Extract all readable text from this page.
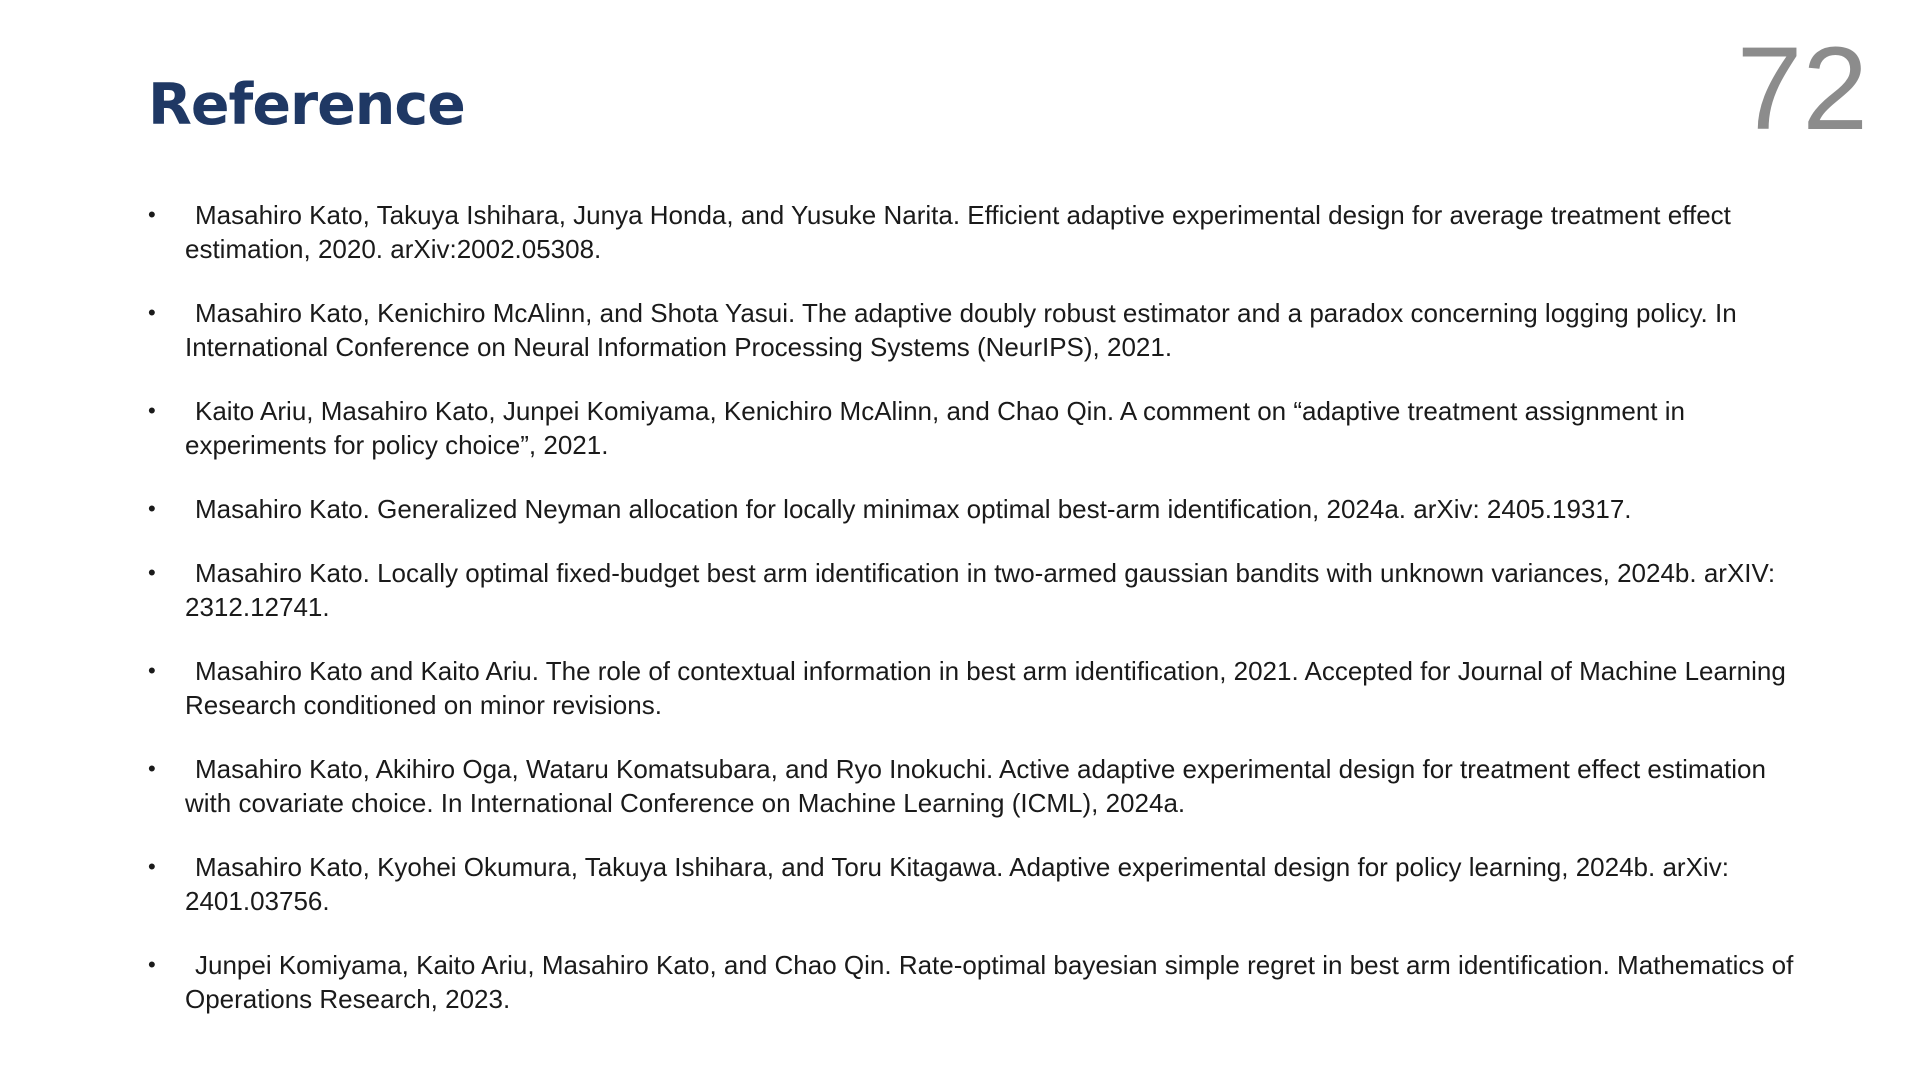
Reference	72
•	Masahiro Kato, Takuya Ishihara, Junya Honda, and Yusuke Narita. Efficient adaptive experimental design for average treatment effect estimation, 2020. arXiv:2002.05308.
•	Masahiro Kato, Kenichiro McAlinn, and Shota Yasui. The adaptive doubly robust estimator and a paradox concerning logging policy. In International Conference on Neural Information Processing Systems (NeurIPS), 2021.
•	Kaito Ariu, Masahiro Kato, Junpei Komiyama, Kenichiro McAlinn, and Chao Qin. A comment on “adaptive treatment assignment in experiments for policy choice”, 2021.
•	Masahiro Kato. Generalized Neyman allocation for locally minimax optimal best-arm identification, 2024a. arXiv: 2405.19317.
•	Masahiro Kato. Locally optimal fixed-budget best arm identification in two-armed gaussian bandits with unknown variances, 2024b. arXIV: 2312.12741.
•	Masahiro Kato and Kaito Ariu. The role of contextual information in best arm identification, 2021. Accepted for Journal of Machine Learning Research conditioned on minor revisions.
•	Masahiro Kato, Akihiro Oga, Wataru Komatsubara, and Ryo Inokuchi. Active adaptive experimental design for treatment effect estimation with covariate choice. In International Conference on Machine Learning (ICML), 2024a.
•	Masahiro Kato, Kyohei Okumura, Takuya Ishihara, and Toru Kitagawa. Adaptive experimental design for policy learning, 2024b. arXiv: 2401.03756.
•	Junpei Komiyama, Kaito Ariu, Masahiro Kato, and Chao Qin. Rate-optimal bayesian simple regret in best arm identification. Mathematics of Operations Research, 2023.
